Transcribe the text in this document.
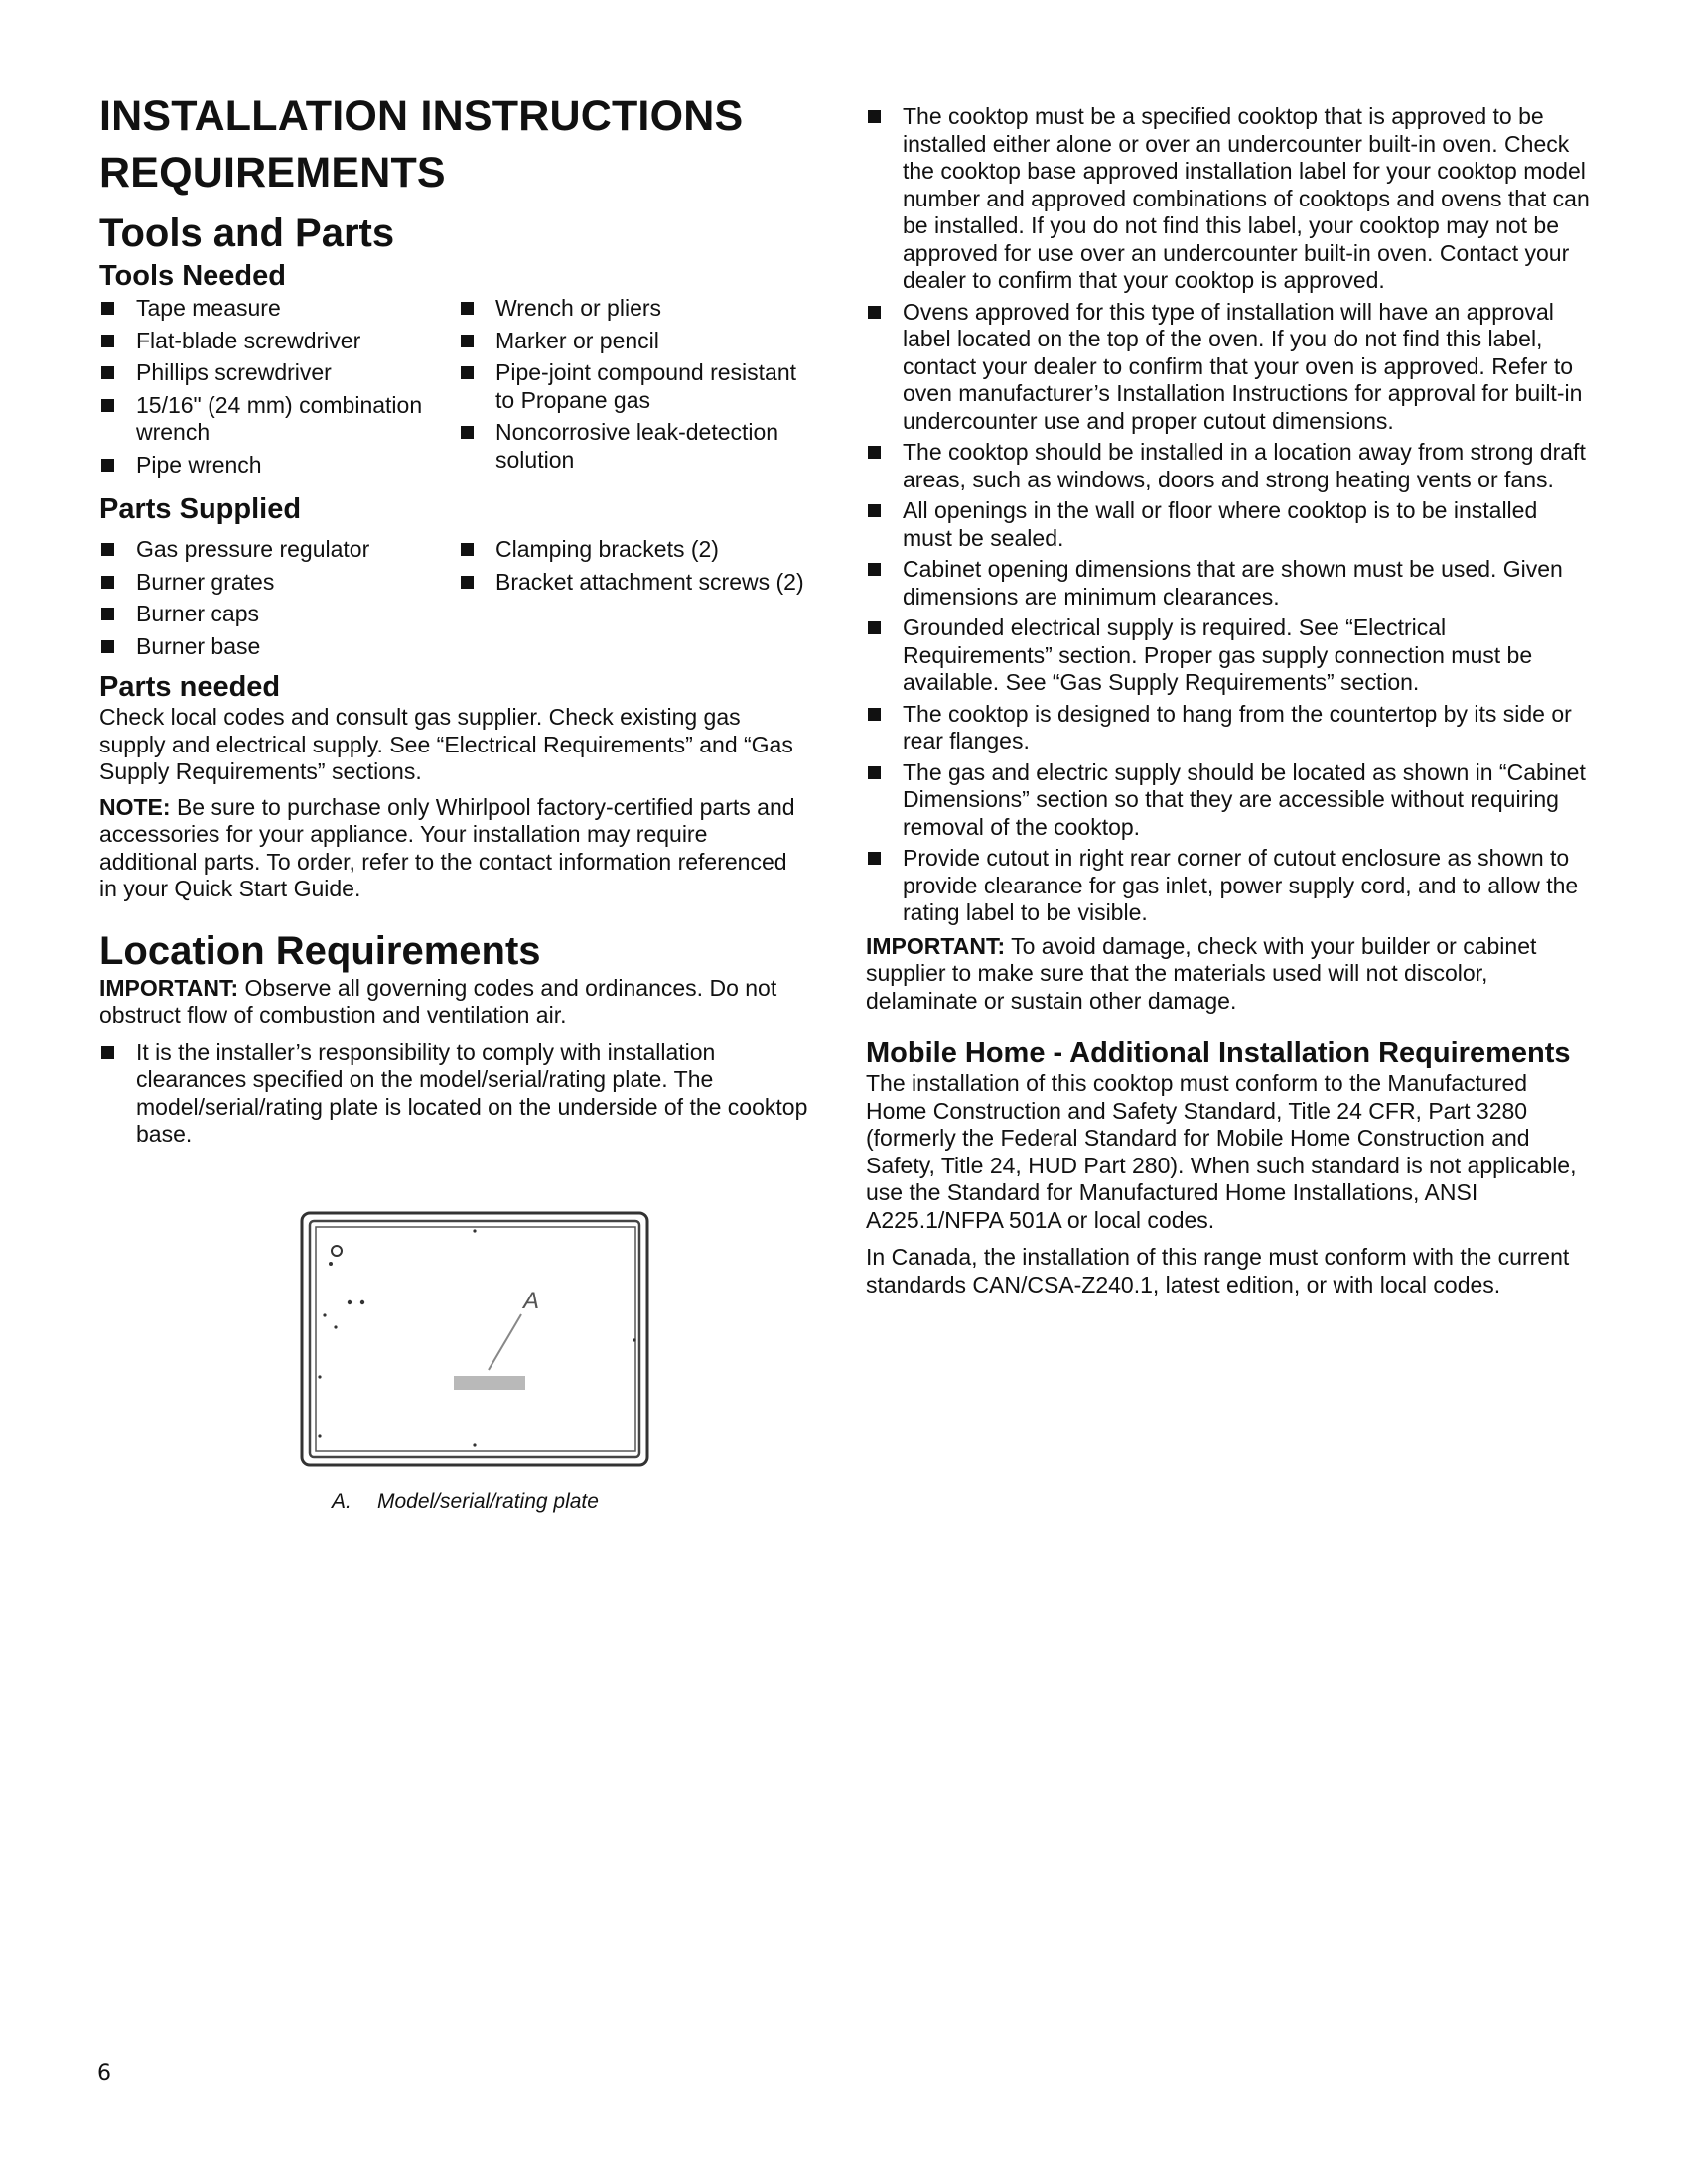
INSTALLATION INSTRUCTIONS
REQUIREMENTS
Tools and Parts
Tools Needed
Tape measure
Flat-blade screwdriver
Phillips screwdriver
15/16" (24 mm) combination wrench
Pipe wrench
Wrench or pliers
Marker or pencil
Pipe-joint compound resistant to Propane gas
Noncorrosive leak-detection solution
Parts Supplied
Gas pressure regulator
Burner grates
Burner caps
Burner base
Clamping brackets (2)
Bracket attachment screws (2)
Parts needed

Check local codes and consult gas supplier. Check existing gas supply and electrical supply. See “Electrical Requirements” and “Gas Supply Requirements” sections.

NOTE: Be sure to purchase only Whirlpool factory-certified parts and accessories for your appliance. Your installation may require additional parts. To order, refer to the contact information referenced in your Quick Start Guide.

Location Requirements

IMPORTANT: Observe all governing codes and ordinances. Do not obstruct flow of combustion and ventilation air.

It is the installer’s responsibility to comply with installation clearances specified on the model/serial/rating plate. The model/serial/rating plate is located on the underside of the cooktop base.
A
A. Model/serial/rating plate
The cooktop must be a specified cooktop that is approved to be installed either alone or over an undercounter built-in oven. Check the cooktop base approved installation label for your cooktop model number and approved combinations of cooktops and ovens that can be installed. If you do not find this label, your cooktop may not be approved for use over an undercounter built-in oven. Contact your dealer to confirm that your cooktop is approved.
Ovens approved for this type of installation will have an approval label located on the top of the oven. If you do not find this label, contact your dealer to confirm that your oven is approved. Refer to oven manufacturer’s Installation Instructions for approval for built-in undercounter use and proper cutout dimensions.
The cooktop should be installed in a location away from strong draft areas, such as windows, doors and strong heating vents or fans.
All openings in the wall or floor where cooktop is to be installed must be sealed.
Cabinet opening dimensions that are shown must be used. Given dimensions are minimum clearances.
Grounded electrical supply is required. See “Electrical Requirements” section. Proper gas supply connection must be available. See “Gas Supply Requirements” section.
The cooktop is designed to hang from the countertop by its side or rear flanges.
The gas and electric supply should be located as shown in “Cabinet Dimensions” section so that they are accessible without requiring removal of the cooktop.
Provide cutout in right rear corner of cutout enclosure as shown to provide clearance for gas inlet, power supply cord, and to allow the rating label to be visible.

IMPORTANT: To avoid damage, check with your builder or cabinet supplier to make sure that the materials used will not discolor, delaminate or sustain other damage.

Mobile Home - Additional Installation Requirements

The installation of this cooktop must conform to the Manufactured Home Construction and Safety Standard, Title 24 CFR, Part 3280 (formerly the Federal Standard for Mobile Home Construction and Safety, Title 24, HUD Part 280). When such standard is not applicable, use the Standard for Manufactured Home Installations, ANSI A225.1/NFPA 501A or local codes.

In Canada, the installation of this range must conform with the current standards CAN/CSA-Z240.1, latest edition, or with local codes.

6
